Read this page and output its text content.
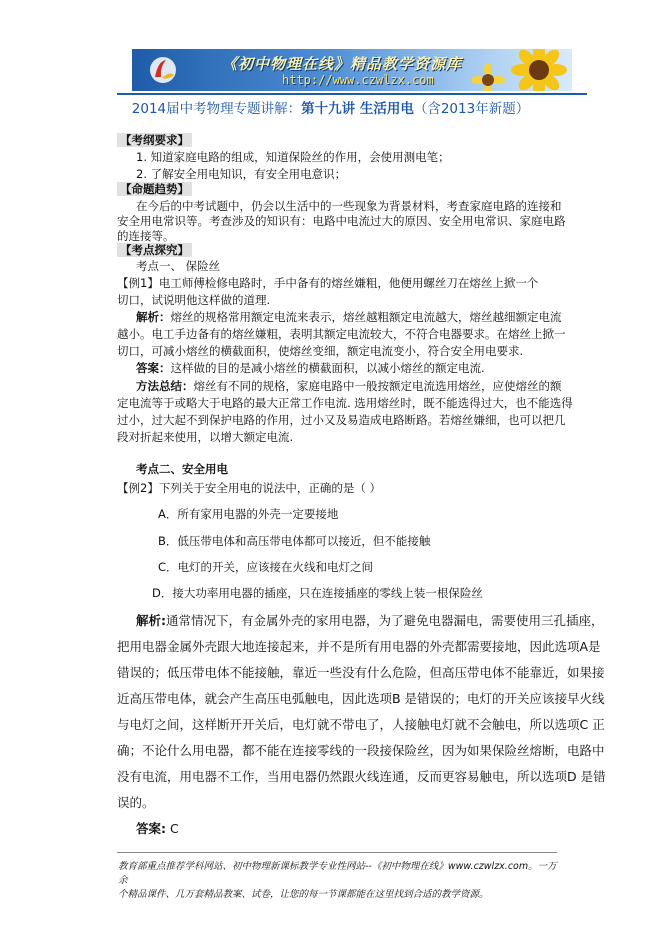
《初中物理在线》精品教学资源库
http://www.czwlzx.com
2014届中考物理专题讲解：第十九讲 生活用电（含2013年新题）
【考纲要求】
1. 知道家庭电路的组成，知道保险丝的作用，会使用测电笔；
2. 了解安全用电知识，有安全用电意识；
【命题趋势】
在今后的中考试题中，仍会以生活中的一些现象为背景材料，考查家庭电路的连接和
安全用电常识等。考查涉及的知识有：电路中电流过大的原因、安全用电常识、家庭电路
的连接等。
【考点探究】
考点一、 保险丝
【例1】电工师傅检修电路时，手中备有的熔丝嫌粗，他便用螺丝刀在熔丝上掀一个
切口，试说明他这样做的道理.
解析：熔丝的规格常用额定电流来表示，熔丝越粗额定电流越大，熔丝越细额定电流
越小。电工手边备有的熔丝嫌粗，表明其额定电流较大，不符合电器要求。在熔丝上掀一
切口，可减小熔丝的横截面积，使熔丝变细，额定电流变小，符合安全用电要求.
答案：这样做的目的是减小熔丝的横截面积，以减小熔丝的额定电流.
方法总结：熔丝有不同的规格，家庭电路中一般按额定电流选用熔丝，应使熔丝的额
定电流等于或略大于电路的最大正常工作电流. 选用熔丝时，既不能选得过大，也不能选得
过小，过大起不到保护电路的作用，过小又及易造成电路断路。若熔丝嫌细，也可以把几
段对折起来使用，以增大额定电流.
考点二、安全用电
【例2】下列关于安全用电的说法中，正确的是（ ）
A．所有家用电器的外壳一定要接地
B．低压带电体和高压带电体都可以接近，但不能接触
C．电灯的开关，应该接在火线和电灯之间
D．接大功率用电器的插座，只在连接插座的零线上装一根保险丝
解析:通常情况下，有金属外壳的家用电器，为了避免电器漏电，需要使用三孔插座，
把用电器金属外壳跟大地连接起来，并不是所有用电器的外壳都需要接地，因此选项A是
错误的；低压带电体不能接触，靠近一些没有什么危险，但高压带电体不能靠近，如果接
近高压带电体，就会产生高压电弧触电，因此选项B 是错误的；电灯的开关应该接早火线
与电灯之间，这样断开开关后，电灯就不带电了，人接触电灯就不会触电，所以选项C 正
确；不论什么用电器，都不能在连接零线的一段接保险丝，因为如果保险丝熔断，电路中
没有电流，用电器不工作，当用电器仍然跟火线连通，反而更容易触电，所以选项D 是错
误的。
答案: C
教育部重点推荐学科网站、初中物理新课标教学专业性网站--《初中物理在线》www.czwlzx.com。一万余
个精品课件、几万套精品教案、试卷，让您的每一节课都能在这里找到合适的教学资源。
